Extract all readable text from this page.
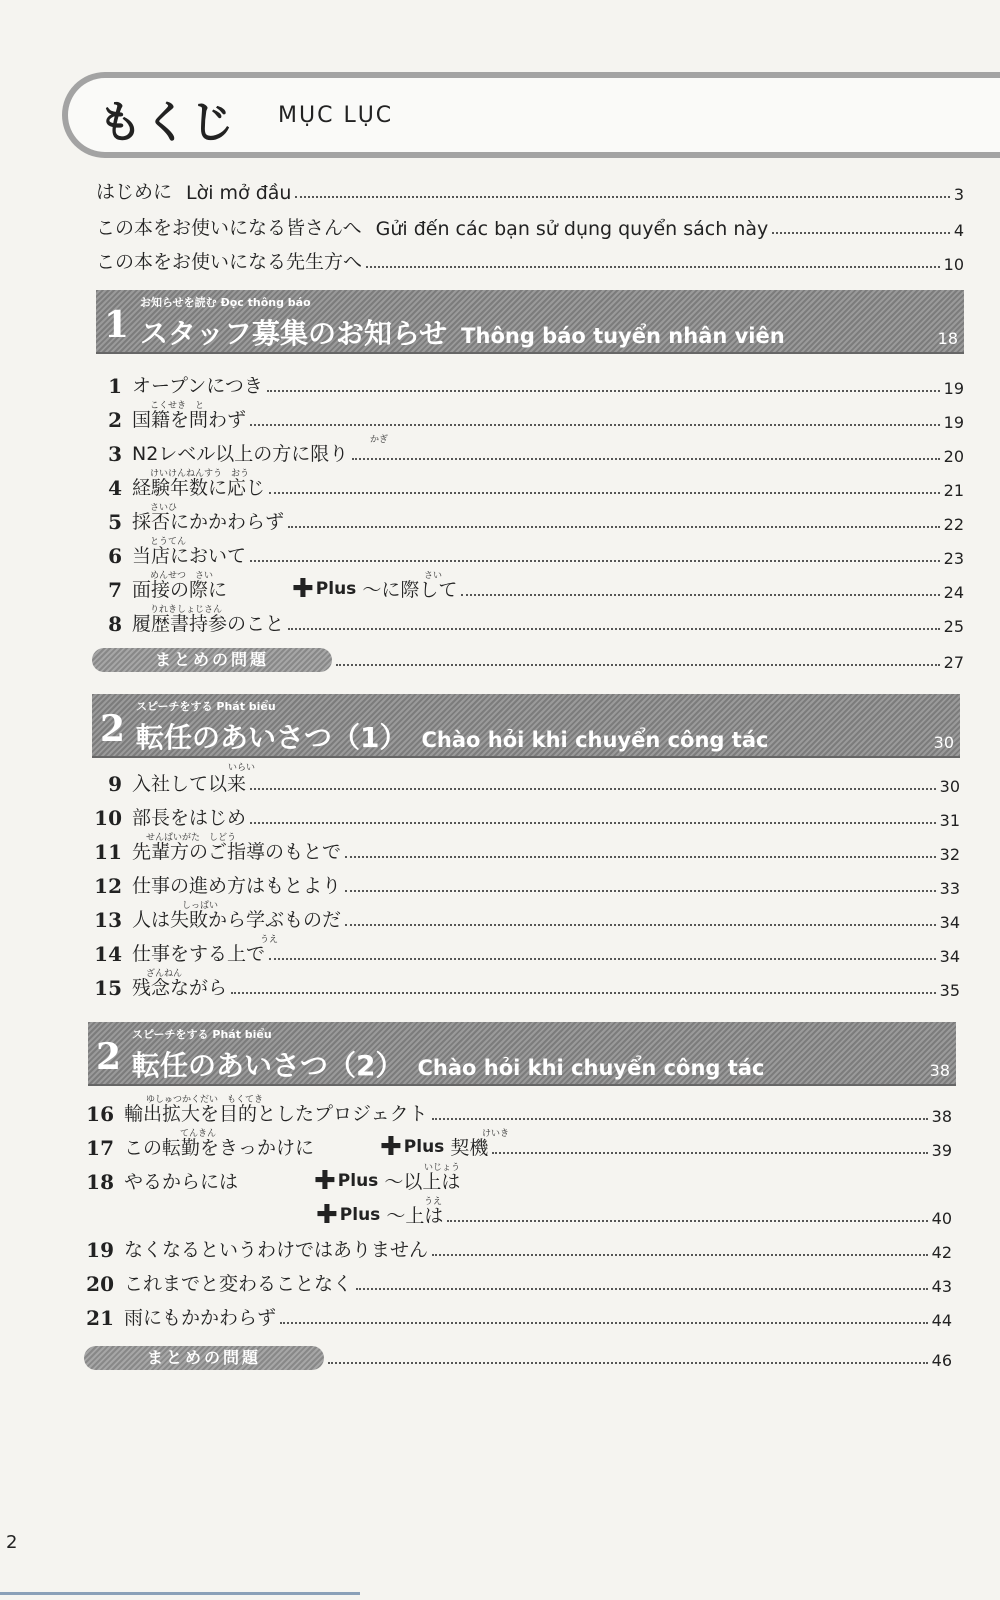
もくじ MỤC LỤC
はじめに Lời mở đầu	3
この本をお使いになる皆さんへ Gửi đến các bạn sử dụng quyển sách này	4
この本をお使いになる先生方へ	10
お知らせを読む Đọc thông báo
1 スタッフ募集のお知らせ Thông báo tuyển nhân viên	18
1 オープンにつき	19
こくせき　と
2 国籍を問わず	19
かぎ
3 N2レベル以上の方に限り	20
けいけんねんすう　おう
4 経験年数に応じ	21
さいひ
5 採否にかかわらず	22
とうてん
6 当店において	23
めんせつ　さい	さい
7 面接の際に	✚ Plus ～に際して	24
りれきしょじさん
8 履歴書持参のこと	25
まとめの問題	27
スピーチをする Phát biểu
2 転任のあいさつ（1） Chào hỏi khi chuyển công tác	30
いらい
9 入社して以来	30
10 部長をはじめ	31
せんぱいがた　しどう
11 先輩方のご指導のもとで	32
12 仕事の進め方はもとより	33
しっぱい
13 人は失敗から学ぶものだ	34
うえ
14 仕事をする上で	34
ざんねん
15 残念ながら	35
スピーチをする Phát biểu
2 転任のあいさつ（2） Chào hỏi khi chuyển công tác	38
ゆしゅつかくだい　もくてき
16 輸出拡大を目的としたプロジェクト	38
てんきん	けいき
17 この転勤をきっかけに	✚ Plus 契機	39
いじょう
18 やるからには	✚ Plus ～以上は
うえ
✚ Plus ～上は	40
19 なくなるというわけではありません	42
20 これまでと変わることなく	43
21 雨にもかかわらず	44
まとめの問題	46
2
